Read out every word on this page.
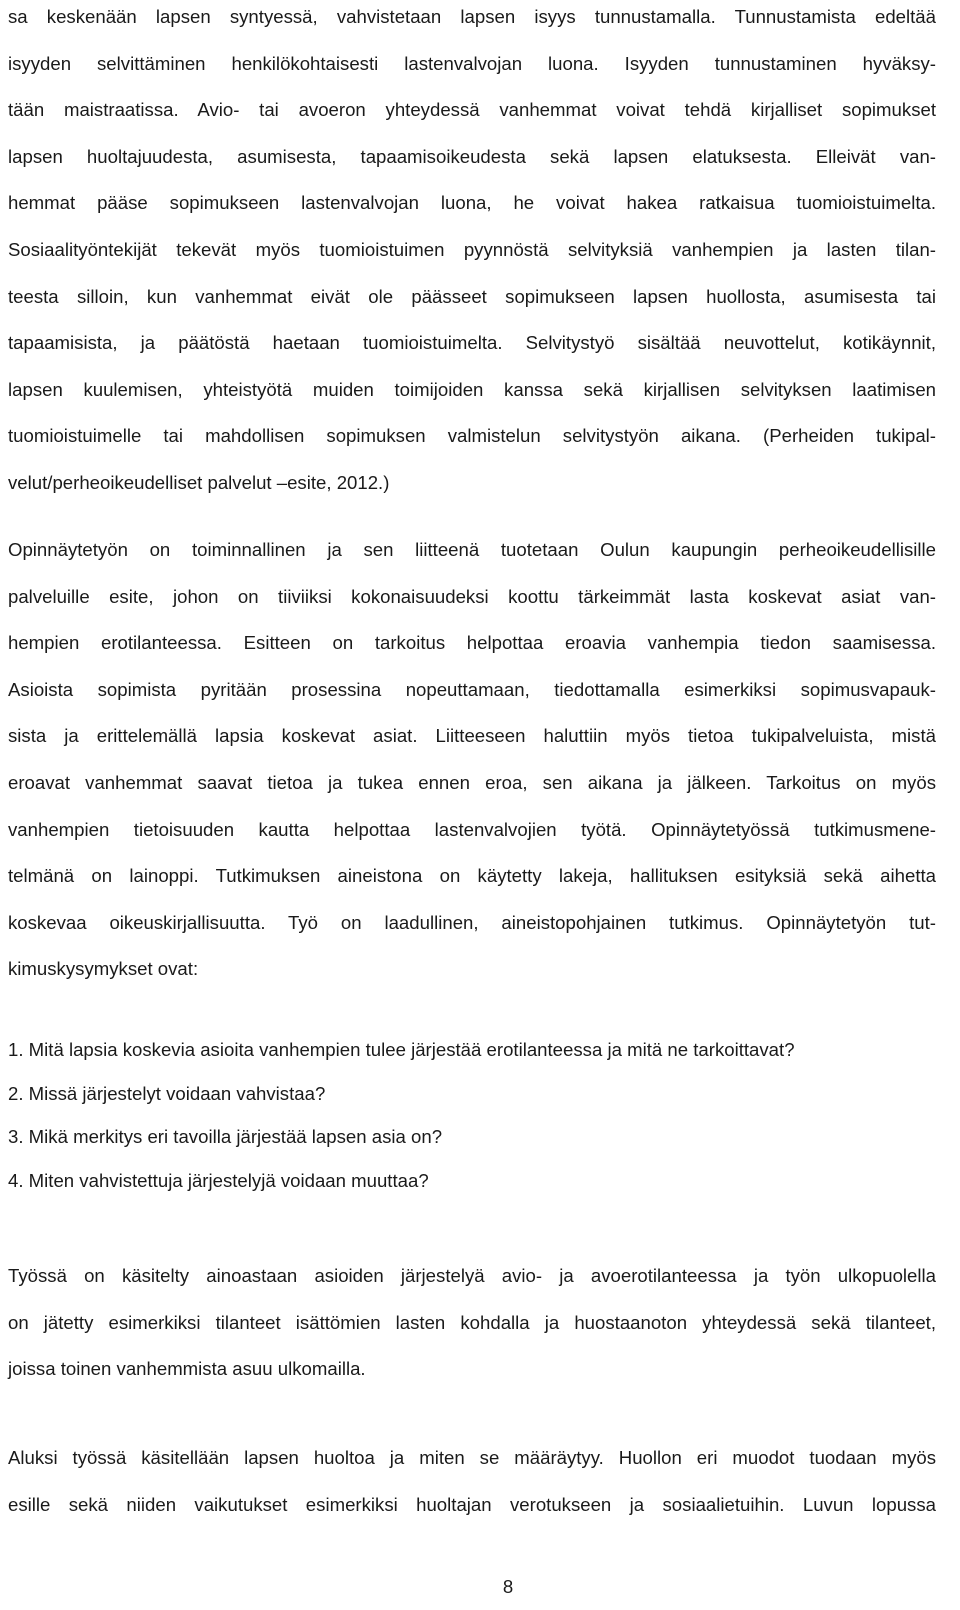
sa keskenään lapsen syntyessä, vahvistetaan lapsen isyys tunnustamalla. Tunnustamista edeltää
isyyden selvittäminen henkilökohtaisesti lastenvalvojan luona. Isyyden tunnustaminen hyväksy-
tään maistraatissa. Avio- tai avoeron yhteydessä vanhemmat voivat tehdä kirjalliset sopimukset
lapsen huoltajuudesta, asumisesta, tapaamisoikeudesta sekä lapsen elatuksesta. Elleivät van-
hemmat pääse sopimukseen lastenvalvojan luona, he voivat hakea ratkaisua tuomioistuimelta.
Sosiaalityöntekijät tekevät myös tuomioistuimen pyynnöstä selvityksiä vanhempien ja lasten tilan-
teesta silloin, kun vanhemmat eivät ole päässeet sopimukseen lapsen huollosta, asumisesta tai
tapaamisista, ja päätöstä haetaan tuomioistuimelta. Selvitystyö sisältää neuvottelut, kotikäynnit,
lapsen kuulemisen, yhteistyötä muiden toimijoiden kanssa sekä kirjallisen selvityksen laatimisen
tuomioistuimelle tai mahdollisen sopimuksen valmistelun selvitystyön aikana. (Perheiden tukipal-
velut/perheoikeudelliset palvelut –esite, 2012.)

Opinnäytetyön on toiminnallinen ja sen liitteenä tuotetaan Oulun kaupungin perheoikeudellisille
palveluille esite, johon on tiiviiksi kokonaisuudeksi koottu tärkeimmät lasta koskevat asiat van-
hempien erotilanteessa. Esitteen on tarkoitus helpottaa eroavia vanhempia tiedon saamisessa.
Asioista sopimista pyritään prosessina nopeuttamaan, tiedottamalla esimerkiksi sopimusvapauk-
sista ja erittelemällä lapsia koskevat asiat. Liitteeseen haluttiin myös tietoa tukipalveluista, mistä
eroavat vanhemmat saavat tietoa ja tukea ennen eroa, sen aikana ja jälkeen. Tarkoitus on myös
vanhempien tietoisuuden kautta helpottaa lastenvalvojien työtä. Opinnäytetyössä tutkimusmene-
telmänä on lainoppi. Tutkimuksen aineistona on käytetty lakeja, hallituksen esityksiä sekä aihetta
koskevaa oikeuskirjallisuutta. Työ on laadullinen, aineistopohjainen tutkimus. Opinnäytetyön tut-
kimuskysymykset ovat:

1. Mitä lapsia koskevia asioita vanhempien tulee järjestää erotilanteessa ja mitä ne tarkoittavat?
2. Missä järjestelyt voidaan vahvistaa?
3. Mikä merkitys eri tavoilla järjestää lapsen asia on?
4. Miten vahvistettuja järjestelyjä voidaan muuttaa?

Työssä on käsitelty ainoastaan asioiden järjestelyä avio- ja avoerotilanteessa ja työn ulkopuolella
on jätetty esimerkiksi tilanteet isättömien lasten kohdalla ja huostaanoton yhteydessä sekä tilanteet,
joissa toinen vanhemmista asuu ulkomailla.

Aluksi työssä käsitellään lapsen huoltoa ja miten se määräytyy. Huollon eri muodot tuodaan myös
esille sekä niiden vaikutukset esimerkiksi huoltajan verotukseen ja sosiaalietuihin. Luvun lopussa

8
